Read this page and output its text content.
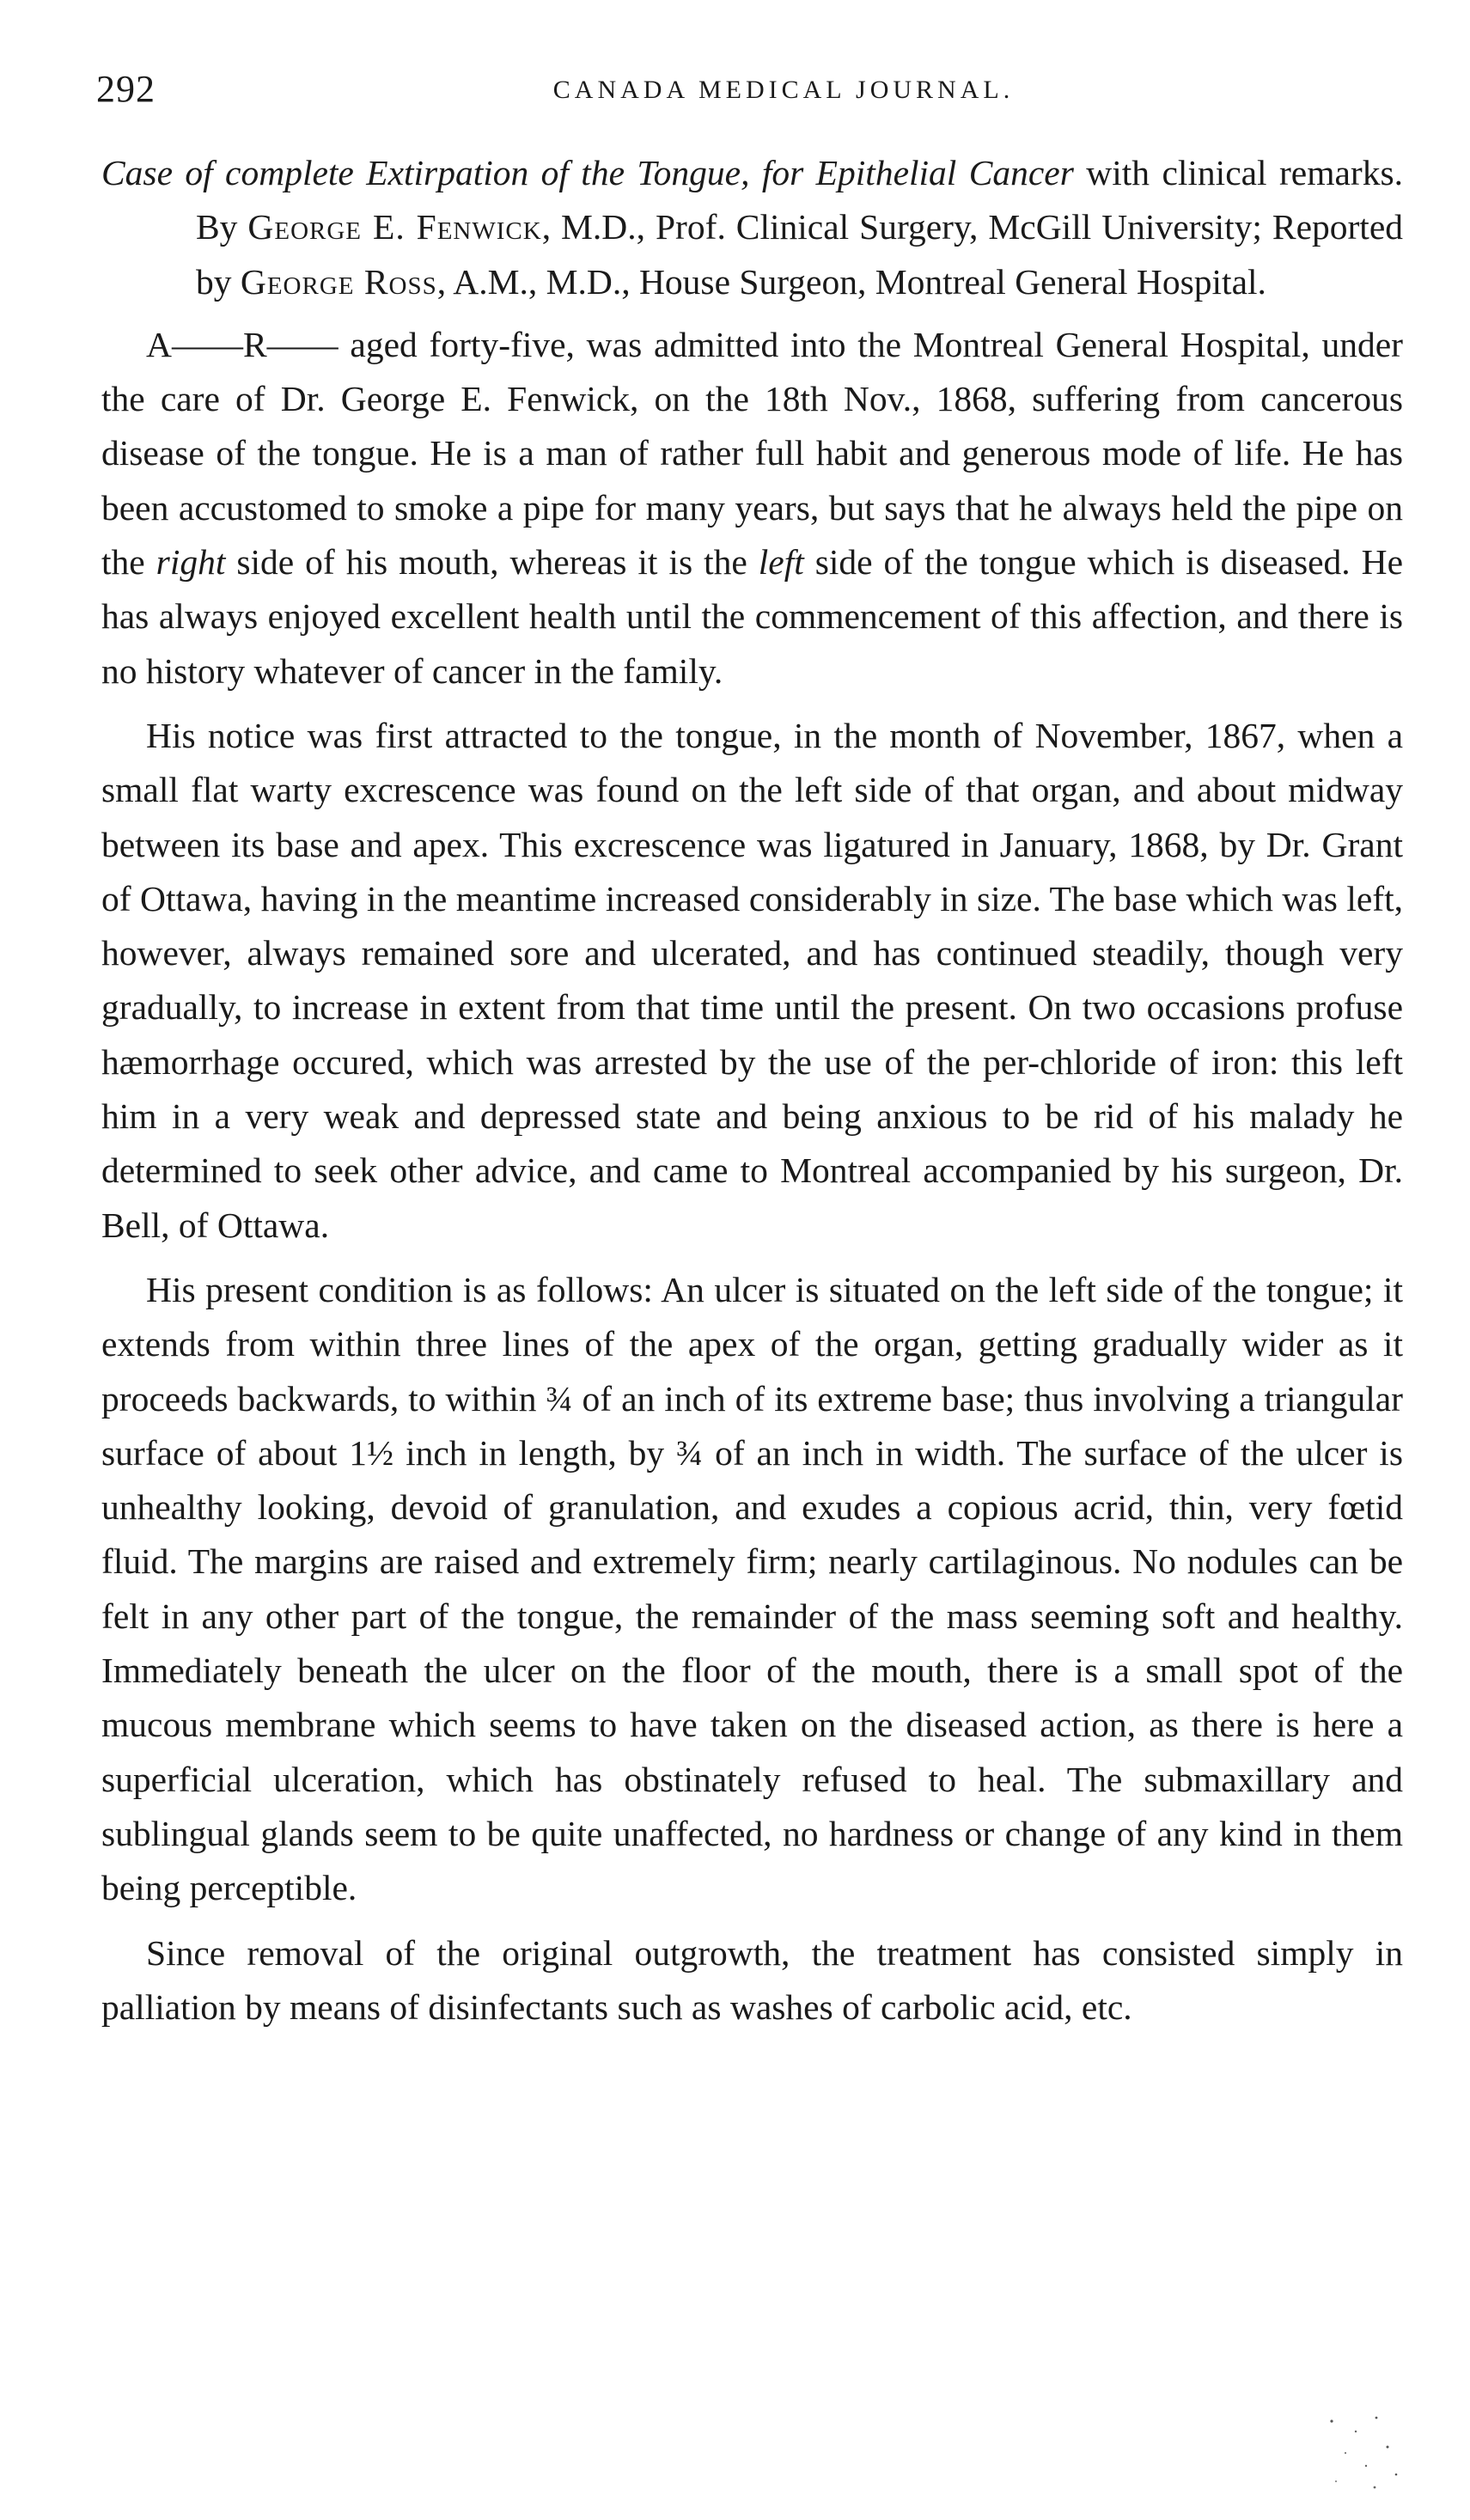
292	CANADA MEDICAL JOURNAL.

Case of complete Extirpation of the Tongue, for Epithelial Cancer with clinical remarks. By George E. Fenwick, M.D., Prof. Clinical Surgery, McGill University; Reported by George Ross, A.M., M.D., House Surgeon, Montreal General Hospital.

A——R—— aged forty-five, was admitted into the Montreal General Hospital, under the care of Dr. George E. Fenwick, on the 18th Nov., 1868, suffering from cancerous disease of the tongue. He is a man of rather full habit and generous mode of life. He has been accustomed to smoke a pipe for many years, but says that he always held the pipe on the right side of his mouth, whereas it is the left side of the tongue which is diseased. He has always enjoyed excellent health until the commencement of this affection, and there is no history whatever of cancer in the family.

His notice was first attracted to the tongue, in the month of November, 1867, when a small flat warty excrescence was found on the left side of that organ, and about midway between its base and apex. This excrescence was ligatured in January, 1868, by Dr. Grant of Ottawa, having in the meantime increased considerably in size. The base which was left, however, always remained sore and ulcerated, and has continued steadily, though very gradually, to increase in extent from that time until the present. On two occasions profuse hæmorrhage occured, which was arrested by the use of the per-chloride of iron: this left him in a very weak and depressed state and being anxious to be rid of his malady he determined to seek other advice, and came to Montreal accompanied by his surgeon, Dr. Bell, of Ottawa.

His present condition is as follows: An ulcer is situated on the left side of the tongue; it extends from within three lines of the apex of the organ, getting gradually wider as it proceeds backwards, to within ¾ of an inch of its extreme base; thus involving a triangular surface of about 1½ inch in length, by ¾ of an inch in width. The surface of the ulcer is unhealthy looking, devoid of granulation, and exudes a copious acrid, thin, very fœtid fluid. The margins are raised and extremely firm; nearly cartilaginous. No nodules can be felt in any other part of the tongue, the remainder of the mass seeming soft and healthy. Immediately beneath the ulcer on the floor of the mouth, there is a small spot of the mucous membrane which seems to have taken on the diseased action, as there is here a superficial ulceration, which has obstinately refused to heal. The submaxillary and sublingual glands seem to be quite unaffected, no hardness or change of any kind in them being perceptible.

Since removal of the original outgrowth, the treatment has consisted simply in palliation by means of disinfectants such as washes of carbolic acid, etc.
